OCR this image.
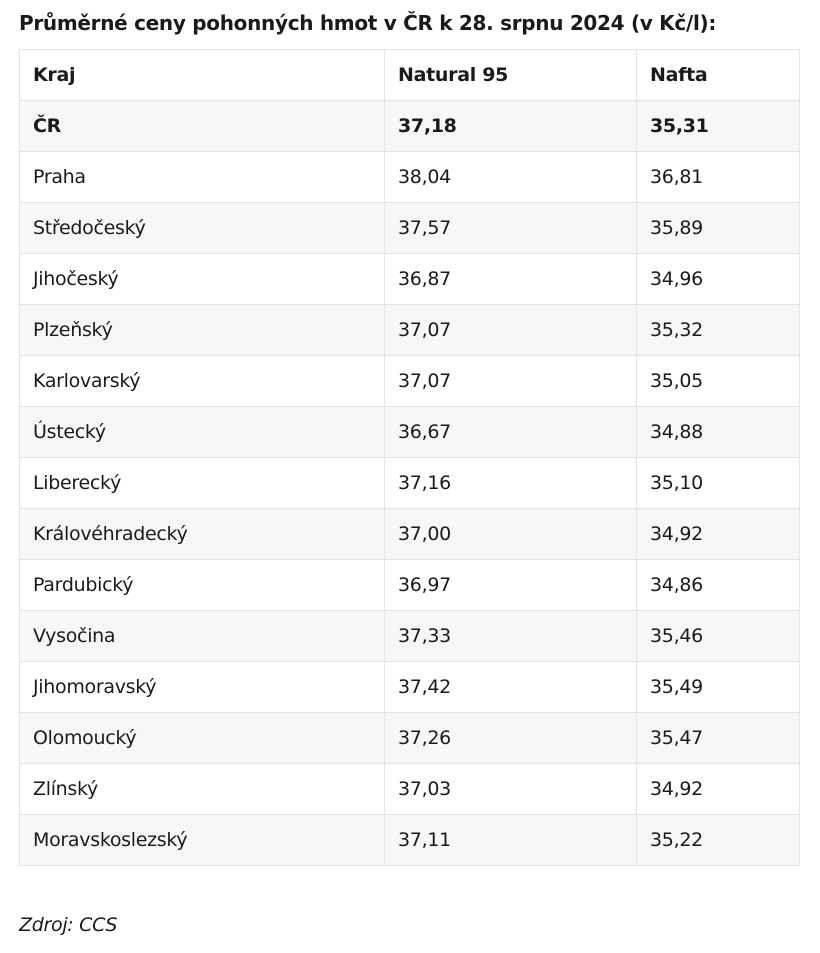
Průměrné ceny pohonných hmot v ČR k 28. srpnu 2024 (v Kč/l):
Kraj	Natural 95	Nafta
ČR	37,18	35,31
Praha	38,04	36,81
Středočeský	37,57	35,89
Jihočeský	36,87	34,96
Plzeňský	37,07	35,32
Karlovarský	37,07	35,05
Ústecký	36,67	34,88
Liberecký	37,16	35,10
Královéhradecký	37,00	34,92
Pardubický	36,97	34,86
Vysočina	37,33	35,46
Jihomoravský	37,42	35,49
Olomoucký	37,26	35,47
Zlínský	37,03	34,92
Moravskoslezský	37,11	35,22
Zdroj: CCS
